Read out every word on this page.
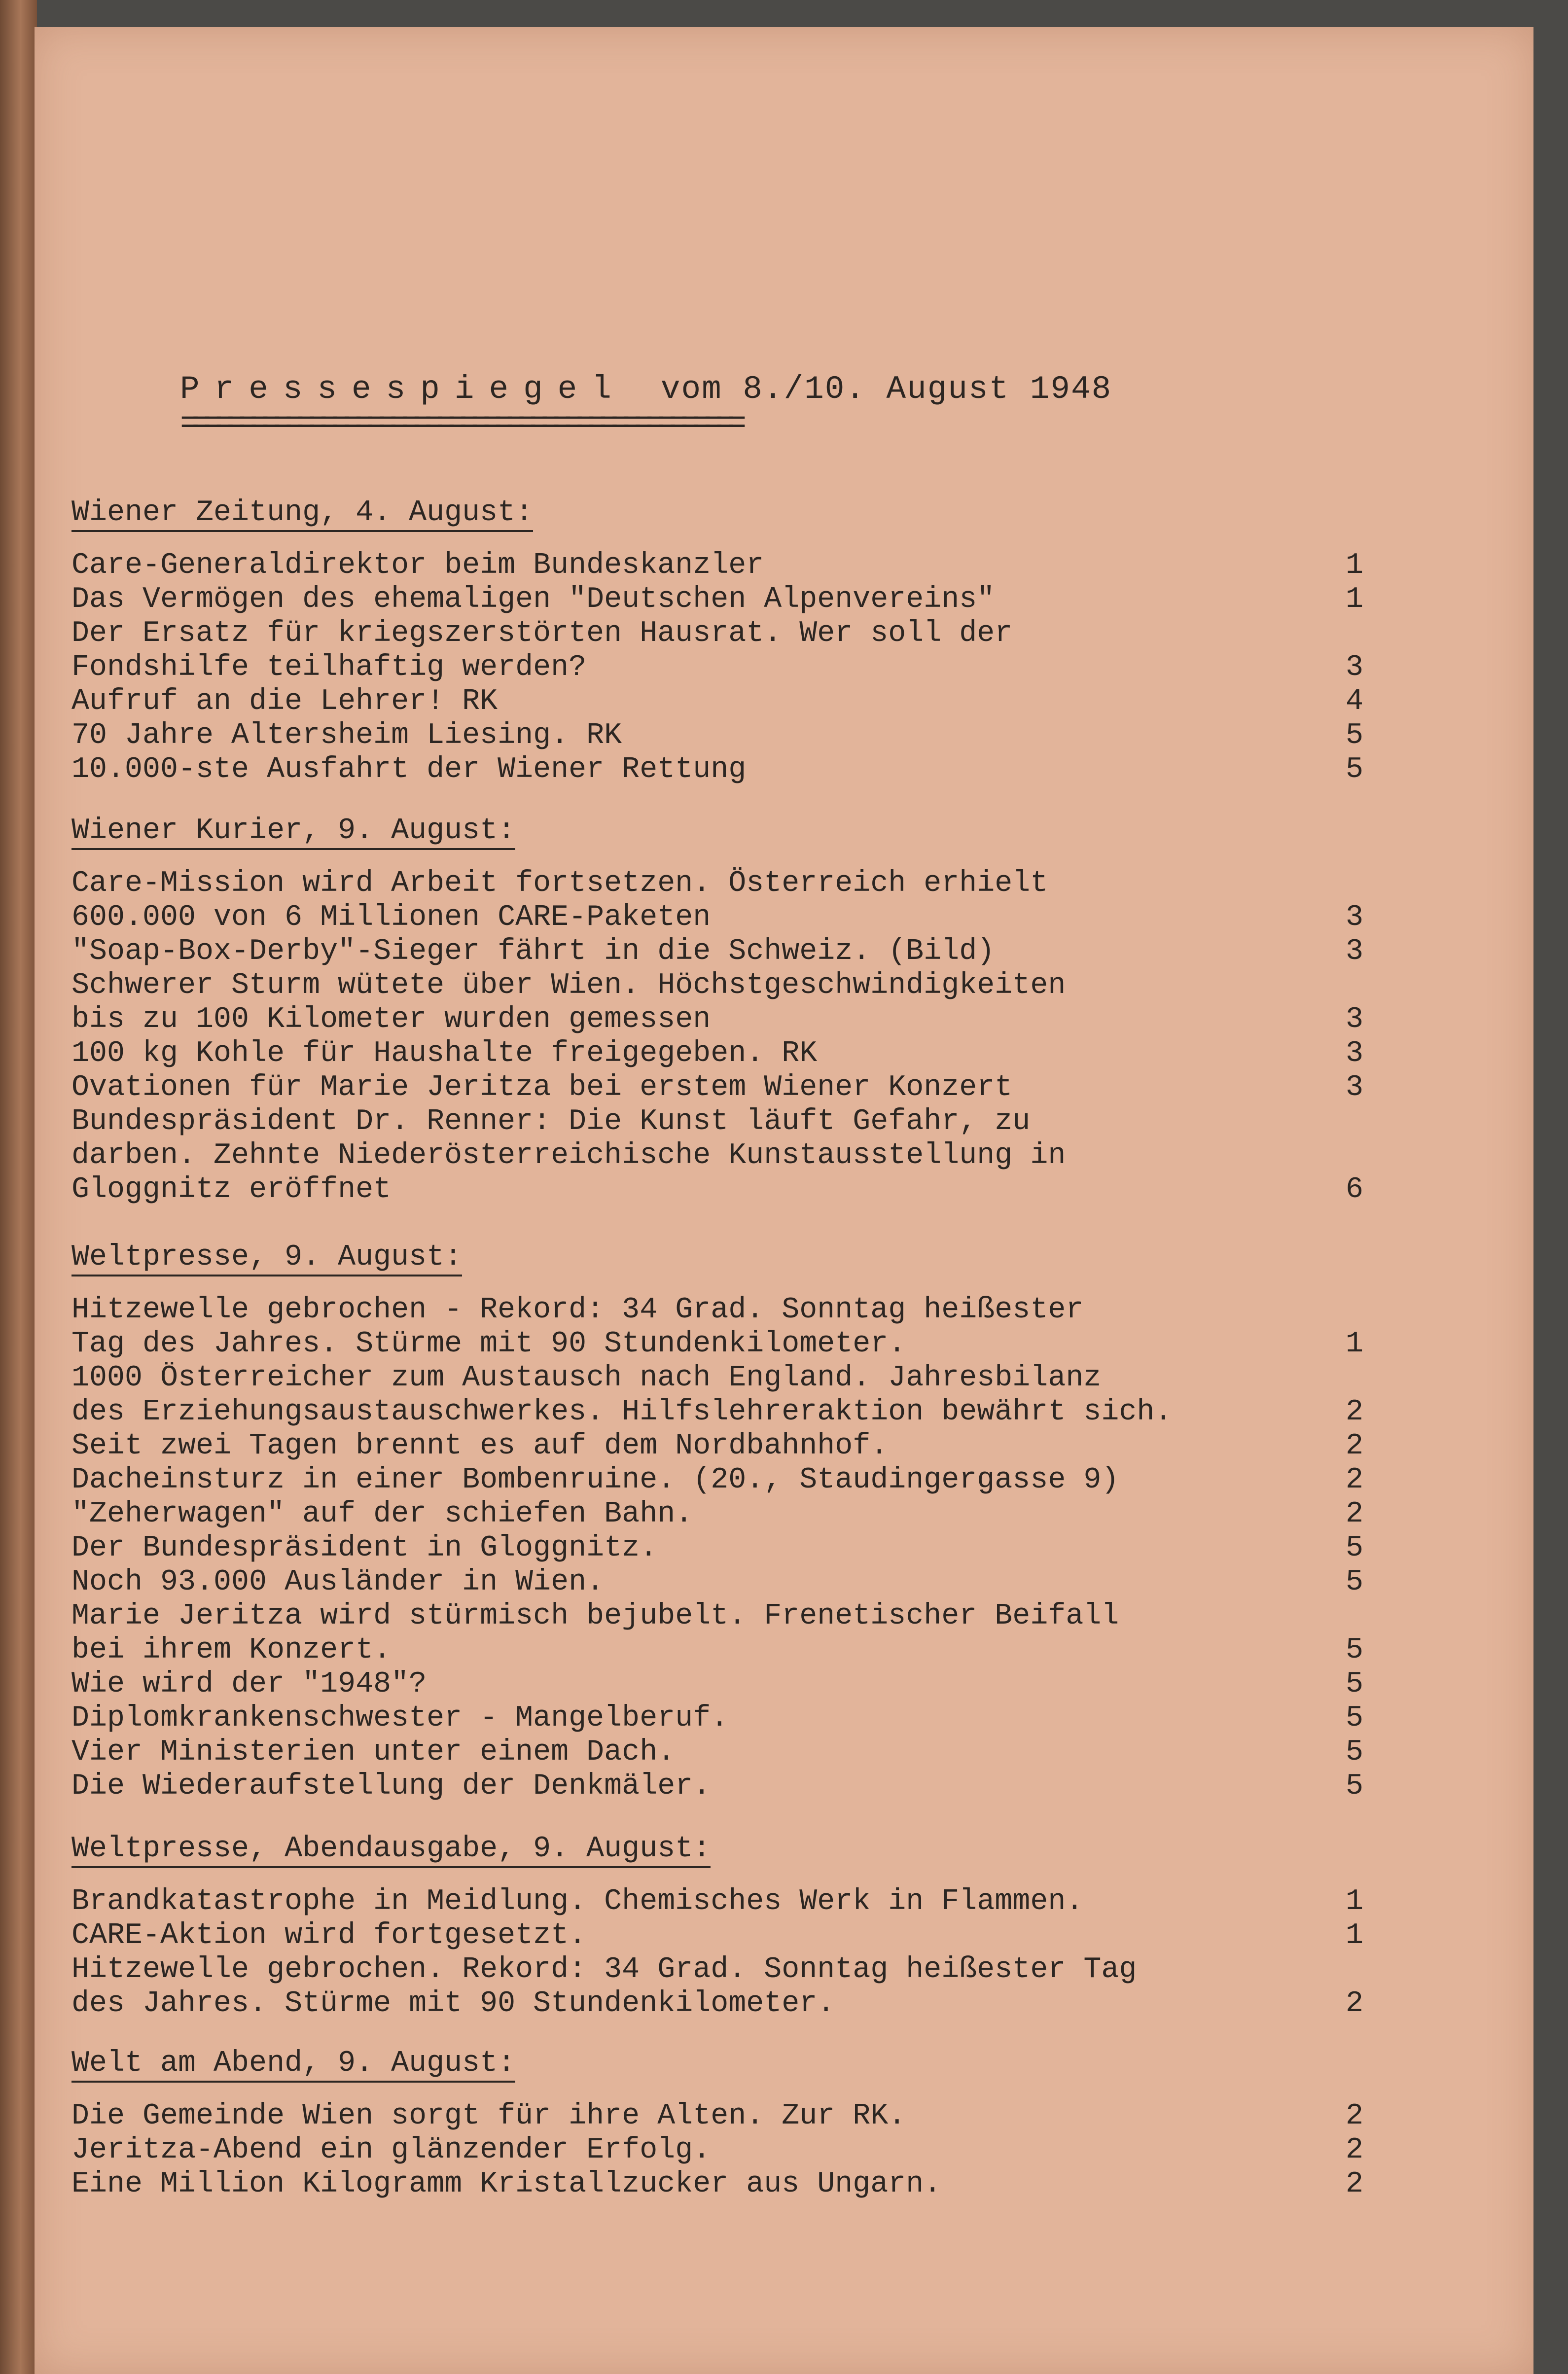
Pressespiegel vom 8./10. August 1948
================================================
Wiener Zeitung, 4. August:
Care-Generaldirektor beim Bundeskanzler	1
Das Vermögen des ehemaligen "Deutschen Alpenvereins"	1
Der Ersatz für kriegszerstörten Hausrat. Wer soll der
Fondshilfe teilhaftig werden?	3
Aufruf an die Lehrer! RK	4
70 Jahre Altersheim Liesing. RK	5
10.000-ste Ausfahrt der Wiener Rettung	5
Wiener Kurier, 9. August:
Care-Mission wird Arbeit fortsetzen. Österreich erhielt
600.000 von 6 Millionen CARE-Paketen	3
"Soap-Box-Derby"-Sieger fährt in die Schweiz. (Bild)	3
Schwerer Sturm wütete über Wien. Höchstgeschwindigkeiten
bis zu 100 Kilometer wurden gemessen	3
100 kg Kohle für Haushalte freigegeben. RK	3
Ovationen für Marie Jeritza bei erstem Wiener Konzert	3
Bundespräsident Dr. Renner: Die Kunst läuft Gefahr, zu
darben. Zehnte Niederösterreichische Kunstausstellung in
Gloggnitz eröffnet	6
Weltpresse, 9. August:
Hitzewelle gebrochen - Rekord: 34 Grad. Sonntag heißester
Tag des Jahres. Stürme mit 90 Stundenkilometer.	1
1000 Österreicher zum Austausch nach England. Jahresbilanz
des Erziehungsaustauschwerkes. Hilfslehreraktion bewährt sich.	2
Seit zwei Tagen brennt es auf dem Nordbahnhof.	2
Dacheinsturz in einer Bombenruine. (20., Staudingergasse 9)	2
"Zeherwagen" auf der schiefen Bahn.	2
Der Bundespräsident in Gloggnitz.	5
Noch 93.000 Ausländer in Wien.	5
Marie Jeritza wird stürmisch bejubelt. Frenetischer Beifall
bei ihrem Konzert.	5
Wie wird der "1948"?	5
Diplomkrankenschwester - Mangelberuf.	5
Vier Ministerien unter einem Dach.	5
Die Wiederaufstellung der Denkmäler.	5
Weltpresse, Abendausgabe, 9. August:
Brandkatastrophe in Meidlung. Chemisches Werk in Flammen.	1
CARE-Aktion wird fortgesetzt.	1
Hitzewelle gebrochen. Rekord: 34 Grad. Sonntag heißester Tag
des Jahres. Stürme mit 90 Stundenkilometer.	2
Welt am Abend, 9. August:
Die Gemeinde Wien sorgt für ihre Alten. Zur RK.	2
Jeritza-Abend ein glänzender Erfolg.	2
Eine Million Kilogramm Kristallzucker aus Ungarn.	2
